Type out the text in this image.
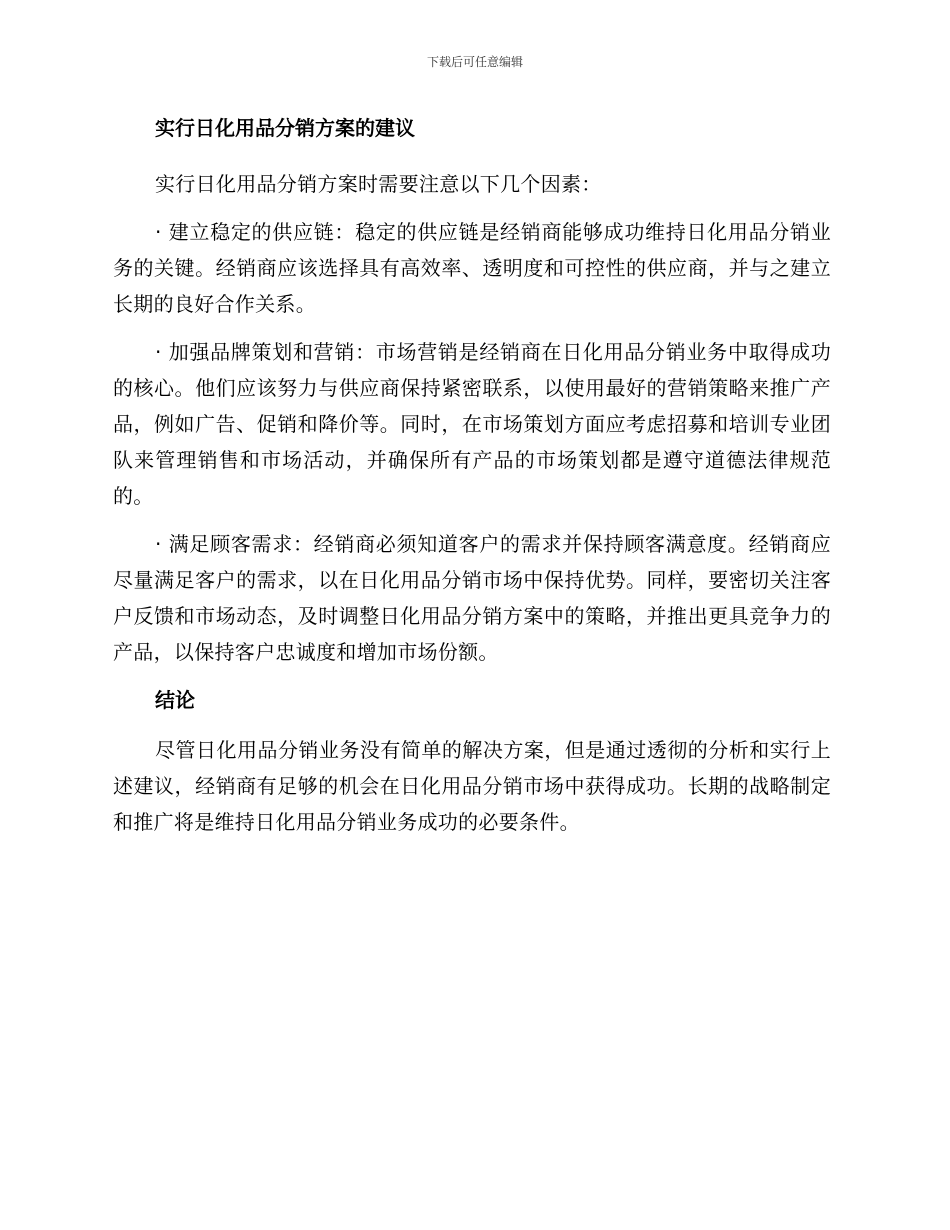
下载后可任意编辑
实行日化用品分销方案的建议

实行日化用品分销方案时需要注意以下几个因素：

· 建立稳定的供应链：稳定的供应链是经销商能够成功维持日化用品分销业务的关键。经销商应该选择具有高效率、透明度和可控性的供应商，并与之建立长期的良好合作关系。

· 加强品牌策划和营销：市场营销是经销商在日化用品分销业务中取得成功的核心。他们应该努力与供应商保持紧密联系，以使用最好的营销策略来推广产品，例如广告、促销和降价等。同时，在市场策划方面应考虑招募和培训专业团队来管理销售和市场活动，并确保所有产品的市场策划都是遵守道德法律规范的。

· 满足顾客需求：经销商必须知道客户的需求并保持顾客满意度。经销商应尽量满足客户的需求，以在日化用品分销市场中保持优势。同样，要密切关注客户反馈和市场动态，及时调整日化用品分销方案中的策略，并推出更具竞争力的产品，以保持客户忠诚度和增加市场份额。

结论

尽管日化用品分销业务没有简单的解决方案，但是通过透彻的分析和实行上述建议，经销商有足够的机会在日化用品分销市场中获得成功。长期的战略制定和推广将是维持日化用品分销业务成功的必要条件。
